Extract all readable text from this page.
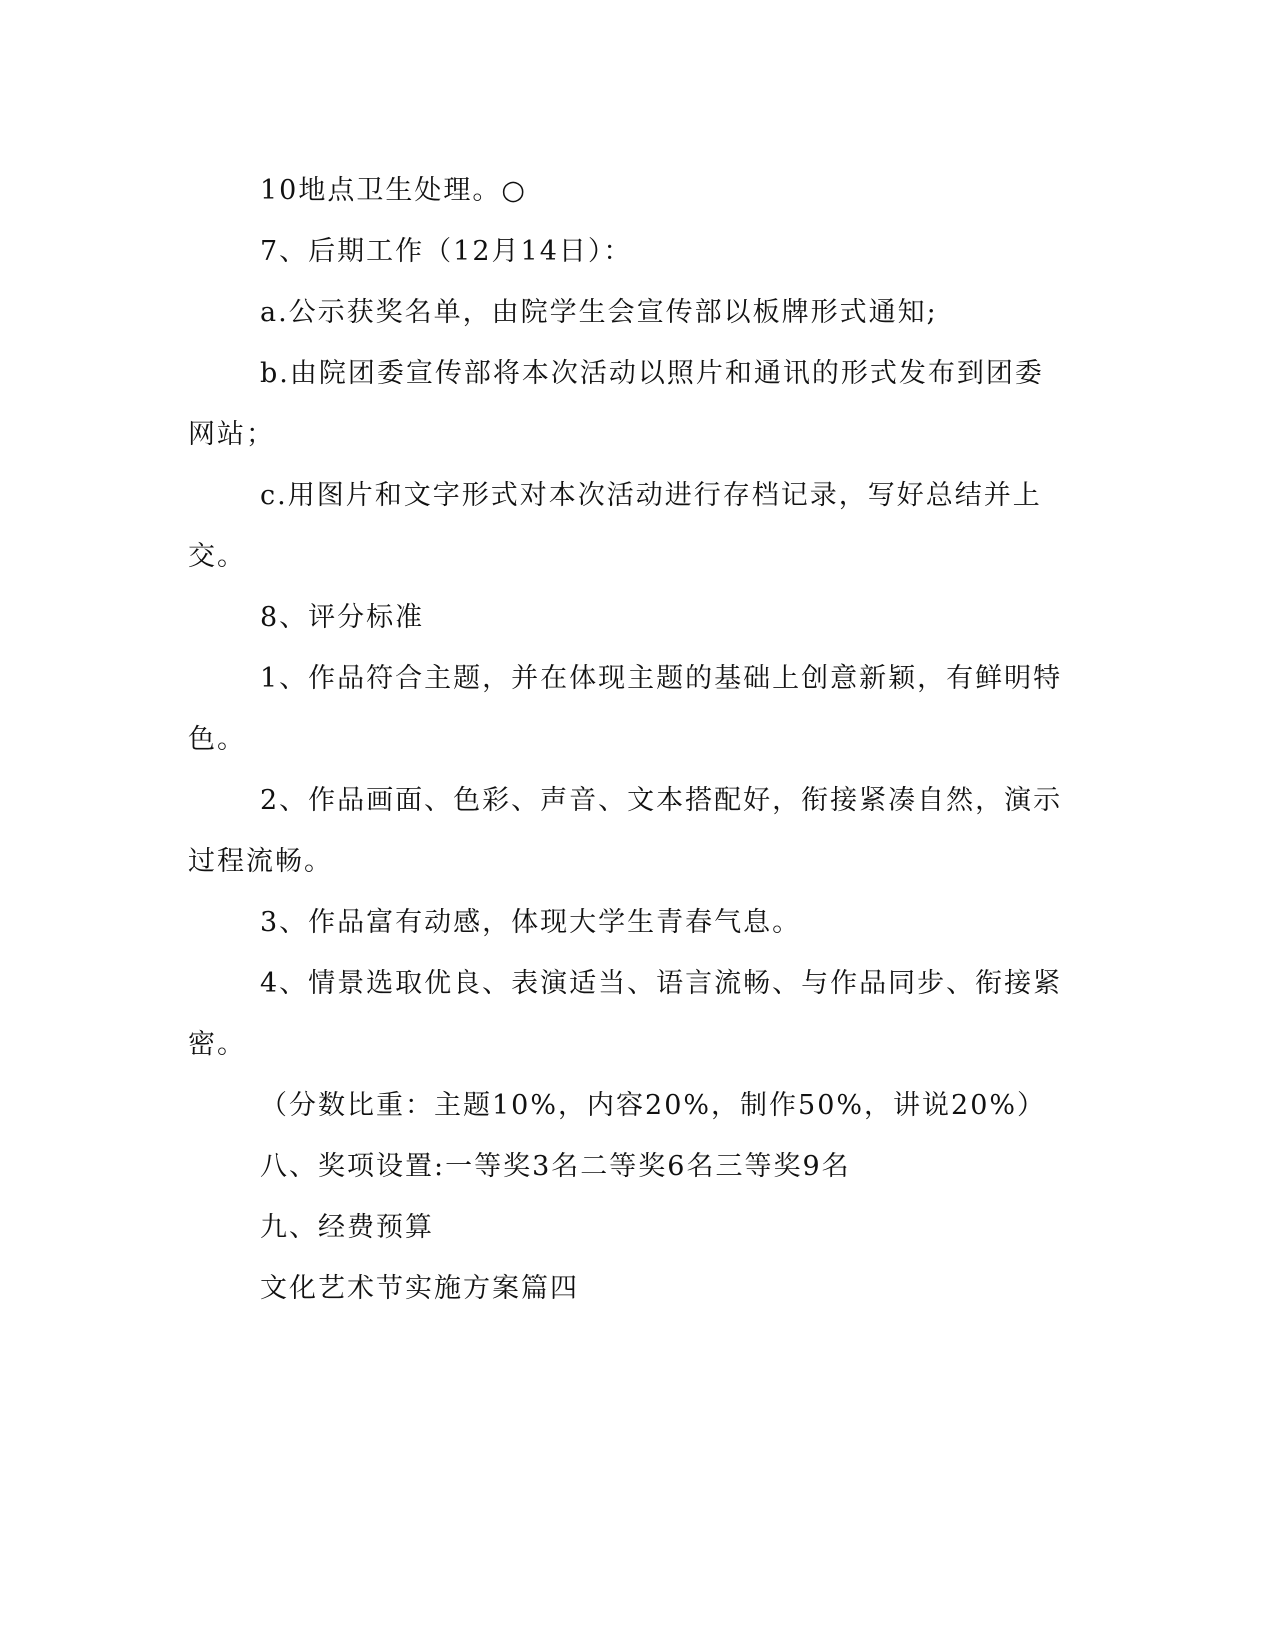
10地点卫生处理。○

7、后期工作（12月14日）：

a.公示获奖名单，由院学生会宣传部以板牌形式通知;

b.由院团委宣传部将本次活动以照片和通讯的形式发布到团委网站；

c.用图片和文字形式对本次活动进行存档记录，写好总结并上交。

8、评分标准

1、作品符合主题，并在体现主题的基础上创意新颖，有鲜明特色。

2、作品画面、色彩、声音、文本搭配好，衔接紧凑自然，演示过程流畅。

3、作品富有动感，体现大学生青春气息。

4、情景选取优良、表演适当、语言流畅、与作品同步、衔接紧密。

（分数比重：主题10%，内容20%，制作50%，讲说20%）

八、奖项设置:一等奖3名二等奖6名三等奖9名

九、经费预算

文化艺术节实施方案篇四
